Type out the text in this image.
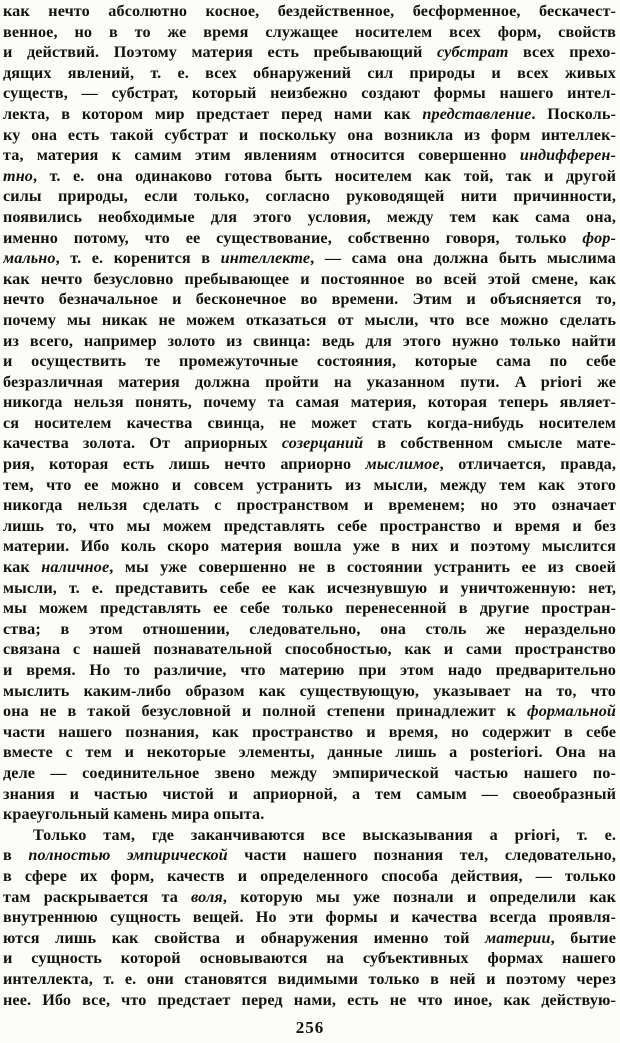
как нечто абсолютно косное, бездейственное, бесформенное, бескачест-
венное, но в то же время служащее носителем всех форм, свойств
и действий. Поэтому материя есть пребывающий субстрат всех прехо-
дящих явлений, т. е. всех обнаружений сил природы и всех живых
существ, — субстрат, который неизбежно создают формы нашего интел-
лекта, в котором мир предстает перед нами как представление. Посколь-
ку она есть такой субстрат и поскольку она возникла из форм интеллек-
та, материя к самим этим явлениям относится совершенно индифферен-
тно, т. е. она одинаково готова быть носителем как той, так и другой
силы природы, если только, согласно руководящей нити причинности,
появились необходимые для этого условия, между тем как сама она,
именно потому, что ее существование, собственно говоря, только фор-
мально, т. е. коренится в интеллекте, — сама она должна быть мыслима
как нечто безусловно пребывающее и постоянное во всей этой смене, как
нечто безначальное и бесконечное во времени. Этим и объясняется то,
почему мы никак не можем отказаться от мысли, что все можно сделать
из всего, например золото из свинца: ведь для этого нужно только найти
и осуществить те промежуточные состояния, которые сама по себе
безразличная материя должна пройти на указанном пути. A priori же
никогда нельзя понять, почему та самая материя, которая теперь являет-
ся носителем качества свинца, не может стать когда-нибудь носителем
качества золота. От априорных созерцаний в собственном смысле мате-
рия, которая есть лишь нечто априорно мыслимое, отличается, правда,
тем, что ее можно и совсем устранить из мысли, между тем как этого
никогда нельзя сделать с пространством и временем; но это означает
лишь то, что мы можем представлять себе пространство и время и без
материи. Ибо коль скоро материя вошла уже в них и поэтому мыслится
как наличное, мы уже совершенно не в состоянии устранить ее из своей
мысли, т. е. представить себе ее как исчезнувшую и уничтоженную: нет,
мы можем представлять ее себе только перенесенной в другие простран-
ства; в этом отношении, следовательно, она столь же нераздельно
связана с нашей познавательной способностью, как и сами пространство
и время. Но то различие, что материю при этом надо предварительно
мыслить каким-либо образом как существующую, указывает на то, что
она не в такой безусловной и полной степени принадлежит к формальной
части нашего познания, как пространство и время, но содержит в себе
вместе с тем и некоторые элементы, данные лишь a posteriori. Она на
деле — соединительное звено между эмпирической частью нашего по-
знания и частью чистой и априорной, а тем самым — своеобразный
краеугольный камень мира опыта.
Только там, где заканчиваются все высказывания a priori, т. е.
в полностью эмпирической части нашего познания тел, следовательно,
в сфере их форм, качеств и определенного способа действия, — только
там раскрывается та воля, которую мы уже познали и определили как
внутреннюю сущность вещей. Но эти формы и качества всегда проявля-
ются лишь как свойства и обнаружения именно той материи, бытие
и сущность которой основываются на субъективных формах нашего
интеллекта, т. е. они становятся видимыми только в ней и поэтому через
нее. Ибо все, что предстает перед нами, есть не что иное, как действую-
256
